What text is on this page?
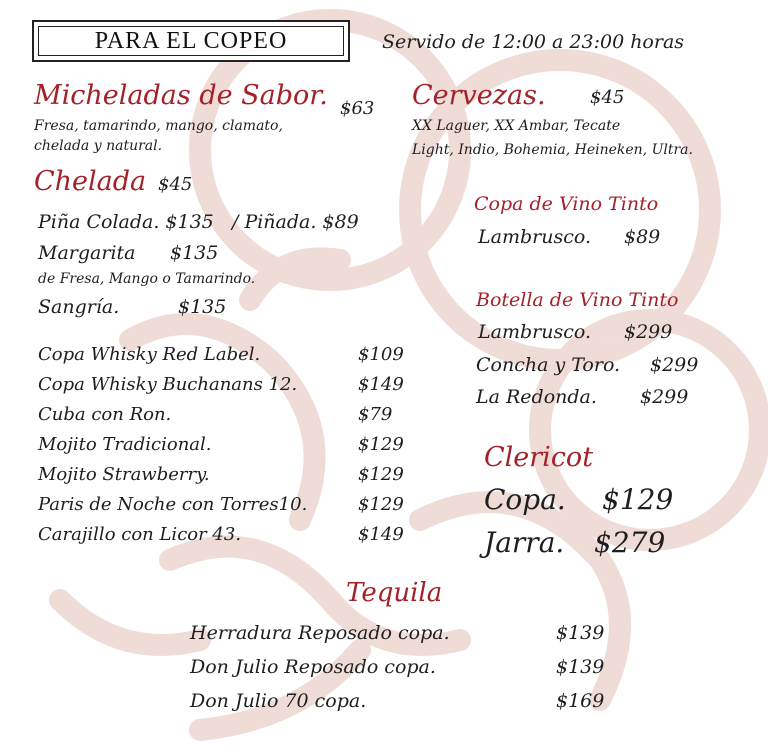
PARA EL COPEO	Servido de 12:00 a 23:00 horas
Micheladas de Sabor. $63
Fresa, tamarindo, mango, clamato,
chelada y natural.
Chelada $45
Piña Colada. $135 / Piñada. $89
Margarita $135
de Fresa, Mango o Tamarindo.
Sangría.	$135
Copa Whisky Red Label.	$109
Copa Whisky Buchanans 12.	$149
Cuba con Ron.	$79
Mojito Tradicional.	$129
Mojito Strawberry.	$129
Paris de Noche con Torres10.	$129
Carajillo con Licor 43.	$149
Cervezas. $45
XX Laguer, XX Ambar, Tecate
Light, Indio, Bohemia, Heineken, Ultra.
Copa de Vino Tinto
Lambrusco. $89
Botella de Vino Tinto
Lambrusco. $299
Concha y Toro. $299
La Redonda. $299
Clericot
Copa. $129
Jarra. $279
Tequila
Herradura Reposado copa.	$139
Don Julio Reposado copa.	$139
Don Julio 70 copa.	$169
